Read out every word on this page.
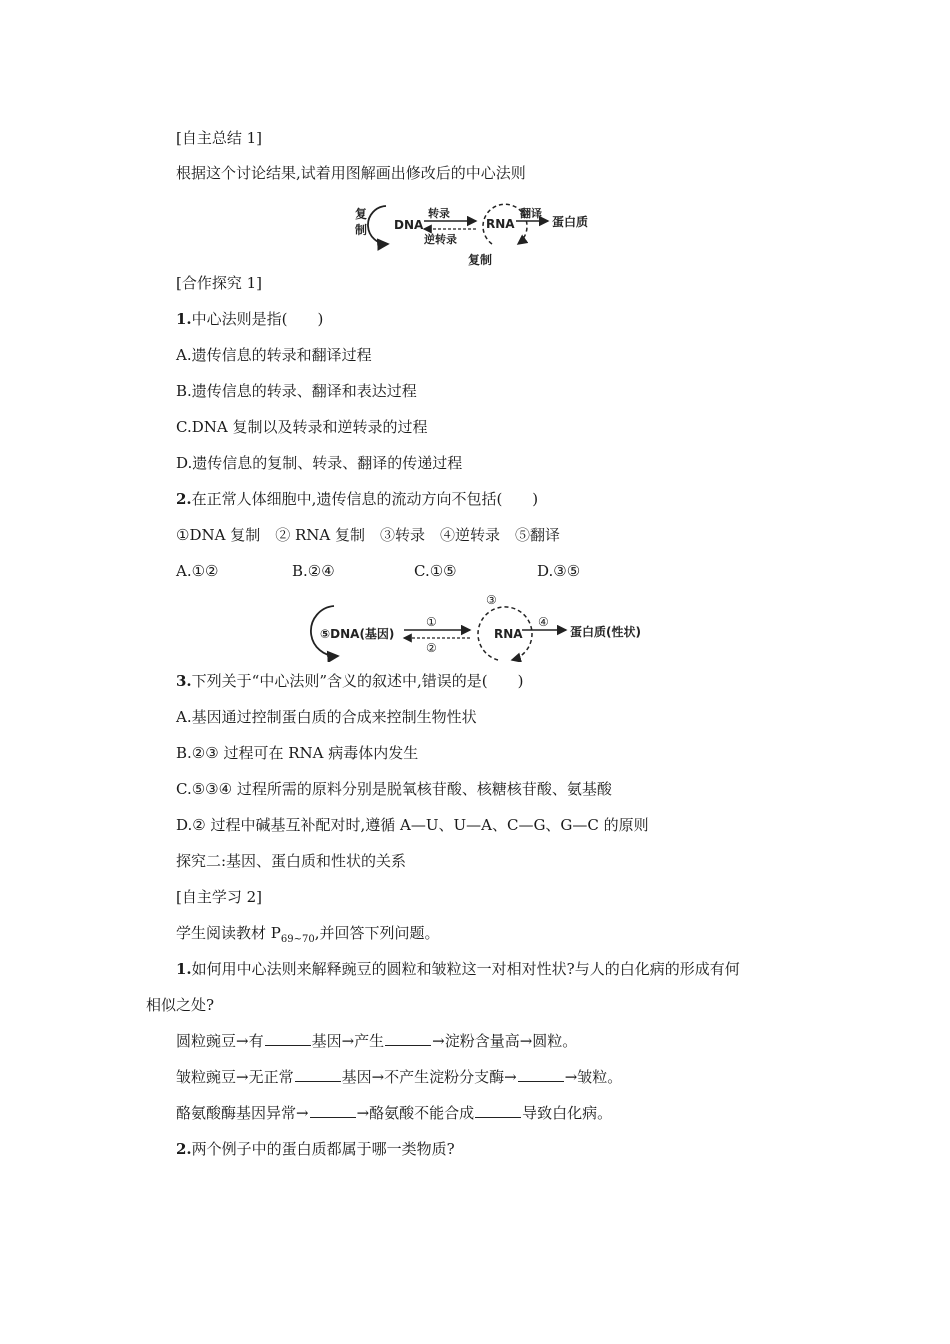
[自主总结 1]
根据这个讨论结果,试着用图解画出修改后的中心法则
复
制 DNA
转录
逆转录
RNA
翻译
蛋白质
复制
[合作探究 1]
1.中心法则是指(　　)
A.遗传信息的转录和翻译过程
B.遗传信息的转录、翻译和表达过程
C.DNA 复制以及转录和逆转录的过程
D.遗传信息的复制、转录、翻译的传递过程
2.在正常人体细胞中,遗传信息的流动方向不包括(　　)
①DNA 复制　② RNA 复制　③转录　④逆转录　⑤翻译
A.①②	B.②④	C.①⑤	D.③⑤
⑤DNA(基因)
①
②
③
RNA
④
蛋白质(性状)
3.下列关于“中心法则”含义的叙述中,错误的是(　　)
A.基因通过控制蛋白质的合成来控制生物性状
B.②③ 过程可在 RNA 病毒体内发生
C.⑤③④ 过程所需的原料分别是脱氧核苷酸、核糖核苷酸、氨基酸
D.② 过程中碱基互补配对时,遵循 A—U、U—A、C—G、G—C 的原则
探究二:基因、蛋白质和性状的关系
[自主学习 2]
学生阅读教材 $P_{69\sim 70}$,并回答下列问题。
1.如何用中心法则来解释豌豆的圆粒和皱粒这一对相对性状?与人的白化病的形成有何
相似之处?
圆粒豌豆→有	基因→产生	→淀粉含量高→圆粒。
皱粒豌豆→无正常	基因→不产生淀粉分支酶→	→皱粒。
酪氨酸酶基因异常→	→酪氨酸不能合成	导致白化病。
2.两个例子中的蛋白质都属于哪一类物质?
